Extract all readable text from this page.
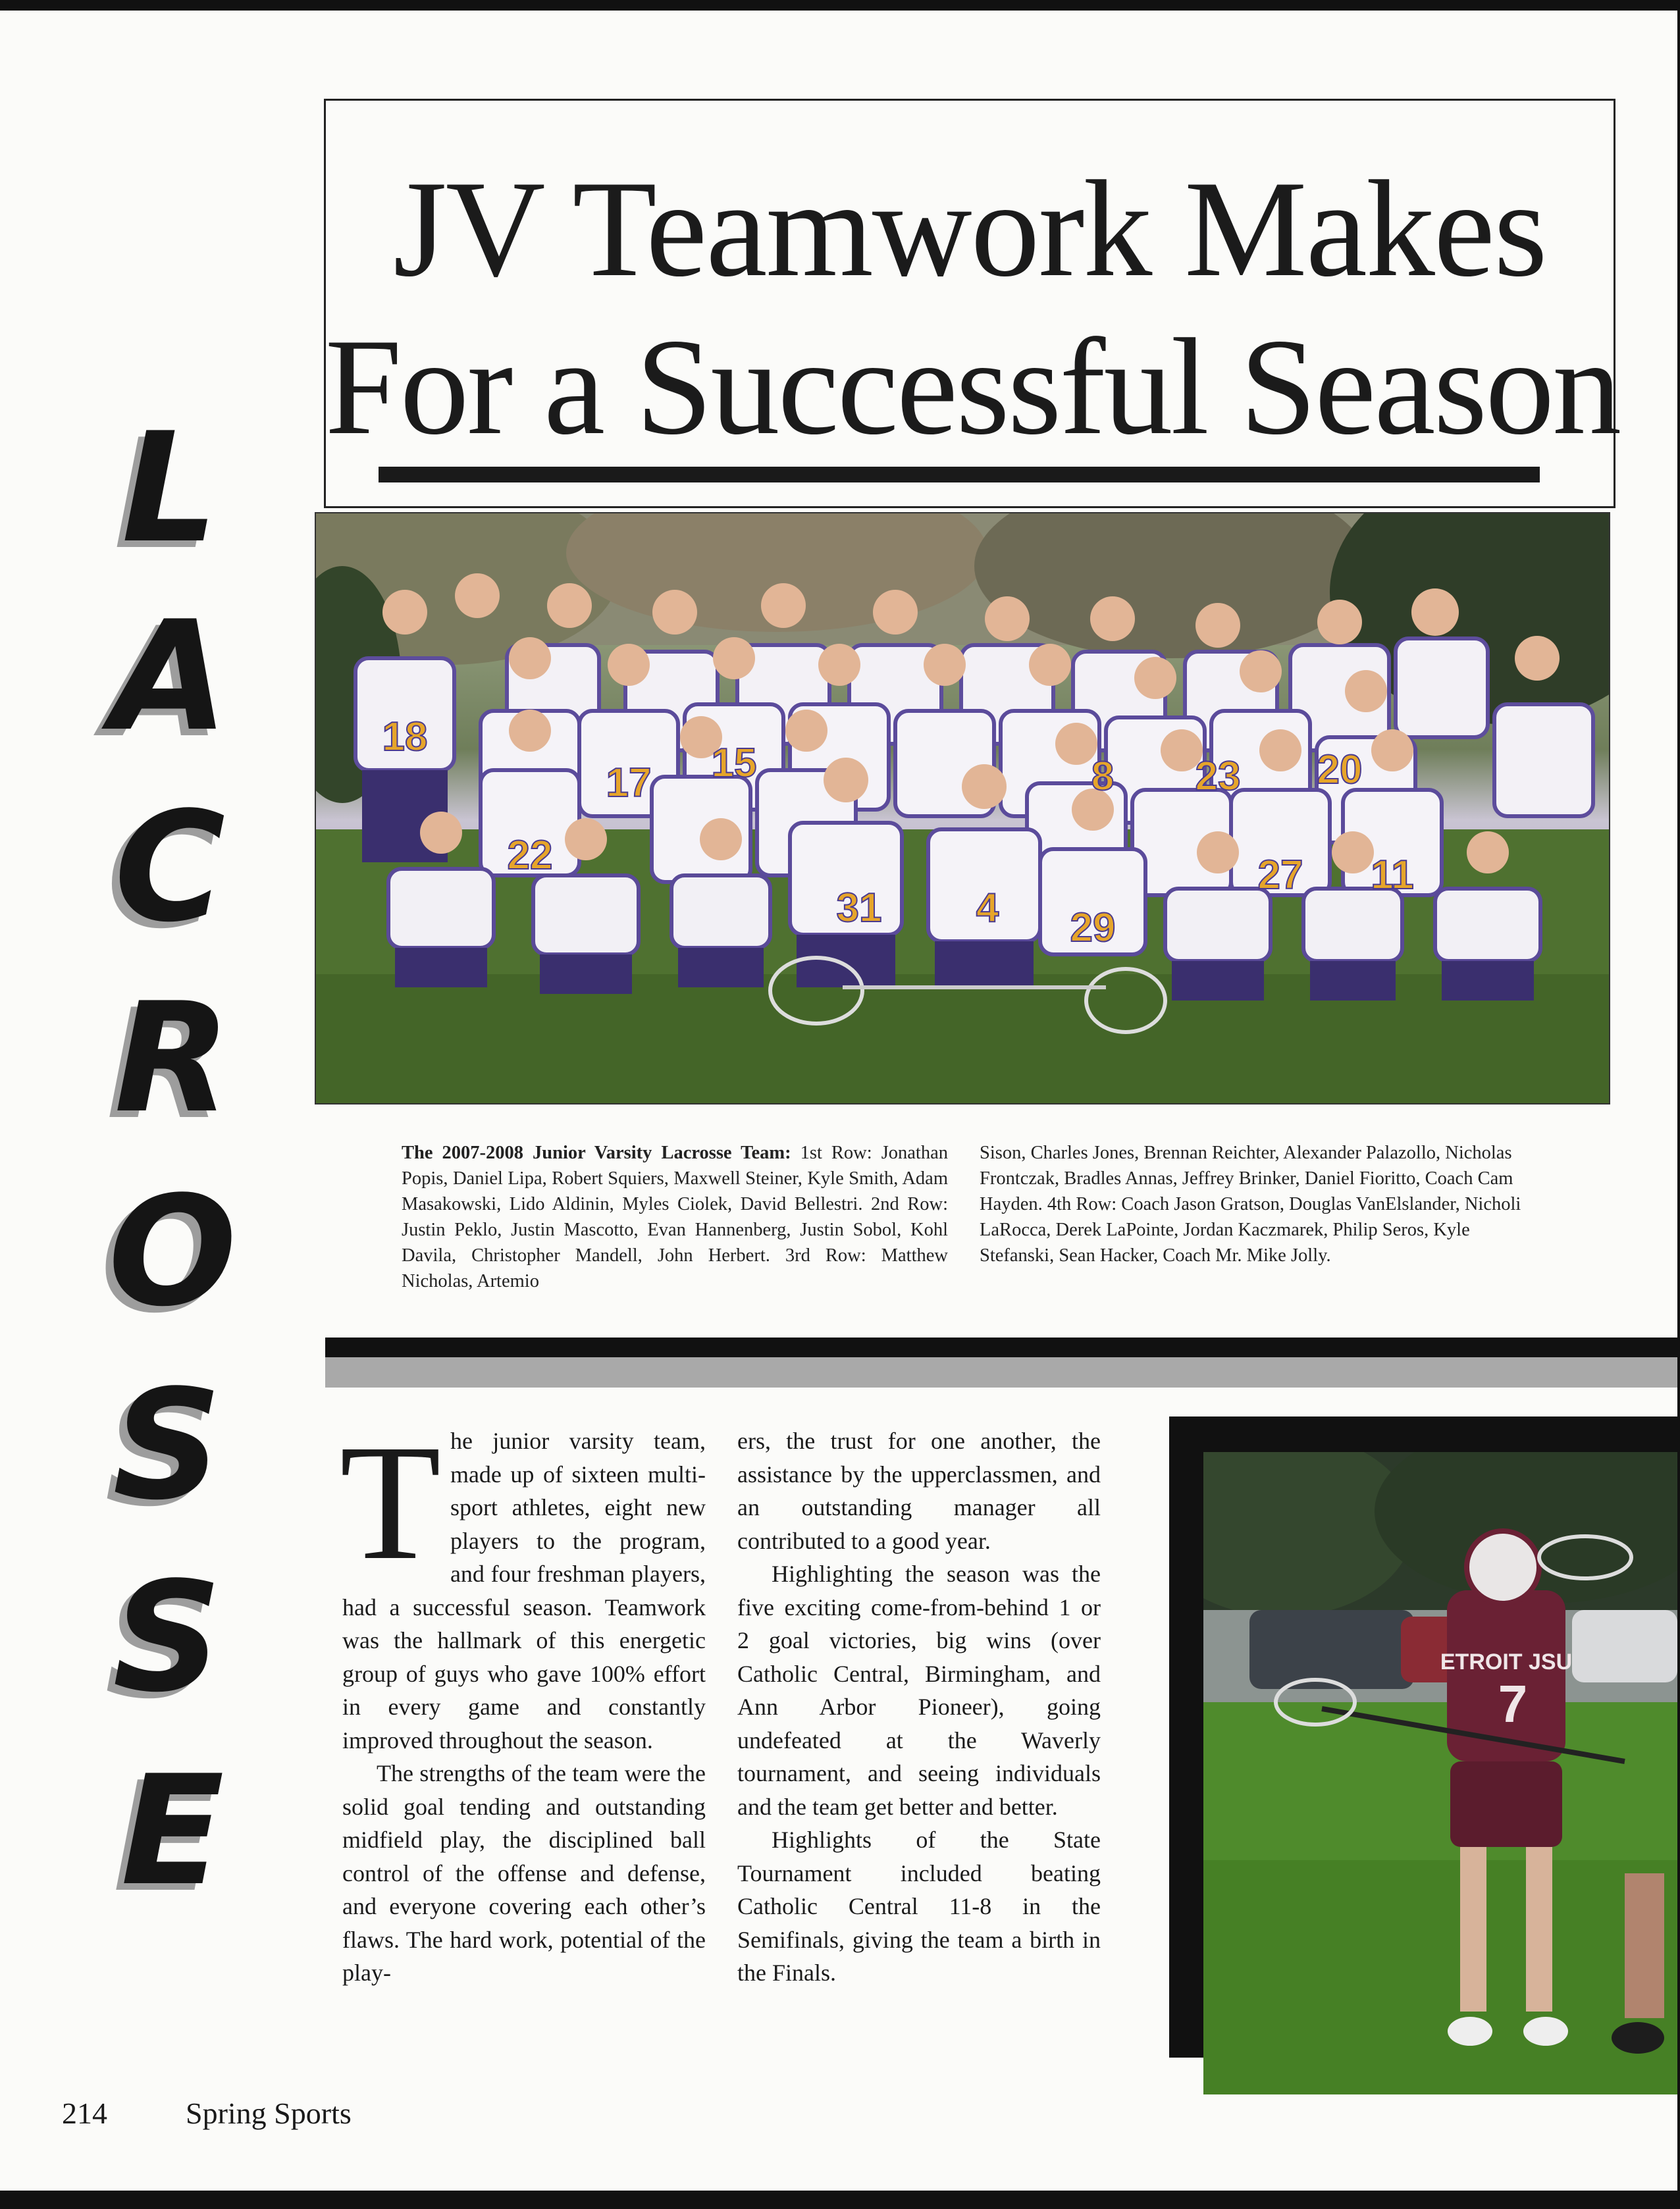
JV Teamwork Makes
For a Successful Season
L
A
C
R
O
S
S
E
18
22
17 15	8 23 20
31 4 29
27 11
The 2007-2008 Junior Varsity Lacrosse Team: 1st Row: Jonathan Popis, Daniel Lipa, Robert Squiers, Maxwell Steiner, Kyle Smith, Adam Masakowski, Lido Aldinin, Myles Ciolek, David Bellestri. 2nd Row: Justin Peklo, Justin Mascotto, Evan Hannenberg, Justin Sobol, Kohl Davila, Christopher Mandell, John Herbert. 3rd Row: Matthew Nicholas, Artemio
Sison, Charles Jones, Brennan Reichter, Alexander Palazollo, Nicholas Frontczak, Bradles Annas, Jeffrey Brinker, Daniel Fioritto, Coach Cam Hayden. 4th Row: Coach Jason Gratson, Douglas VanElslander, Nicholi LaRocca, Derek LaPointe, Jordan Kaczmarek, Philip Seros, Kyle Stefanski, Sean Hacker, Coach Mr. Mike Jolly.

The junior varsity team, made up of sixteen multi-sport athletes, eight new players to the program, and four freshman players, had a successful season. Teamwork was the hallmark of this energetic group of guys who gave 100% effort in every game and constantly improved throughout the season.

The strengths of the team were the solid goal tending and outstanding midfield play, the disciplined ball control of the offense and defense, and everyone covering each other’s flaws. The hard work, potential of the play-

ers, the trust for one another, the assistance by the upperclassmen, and an outstanding manager all contributed to a good year.

Highlighting the season was the five exciting come-from-behind 1 or 2 goal victories, big wins (over Catholic Central, Birmingham, and Ann Arbor Pioneer), going undefeated at the Waverly tournament, and seeing individuals and the team get better and better.

Highlights of the State Tournament included beating Catholic Central 11-8 in the Semifinals, giving the team a birth in the Finals.

ETROIT JSU
7
214	Spring Sports
